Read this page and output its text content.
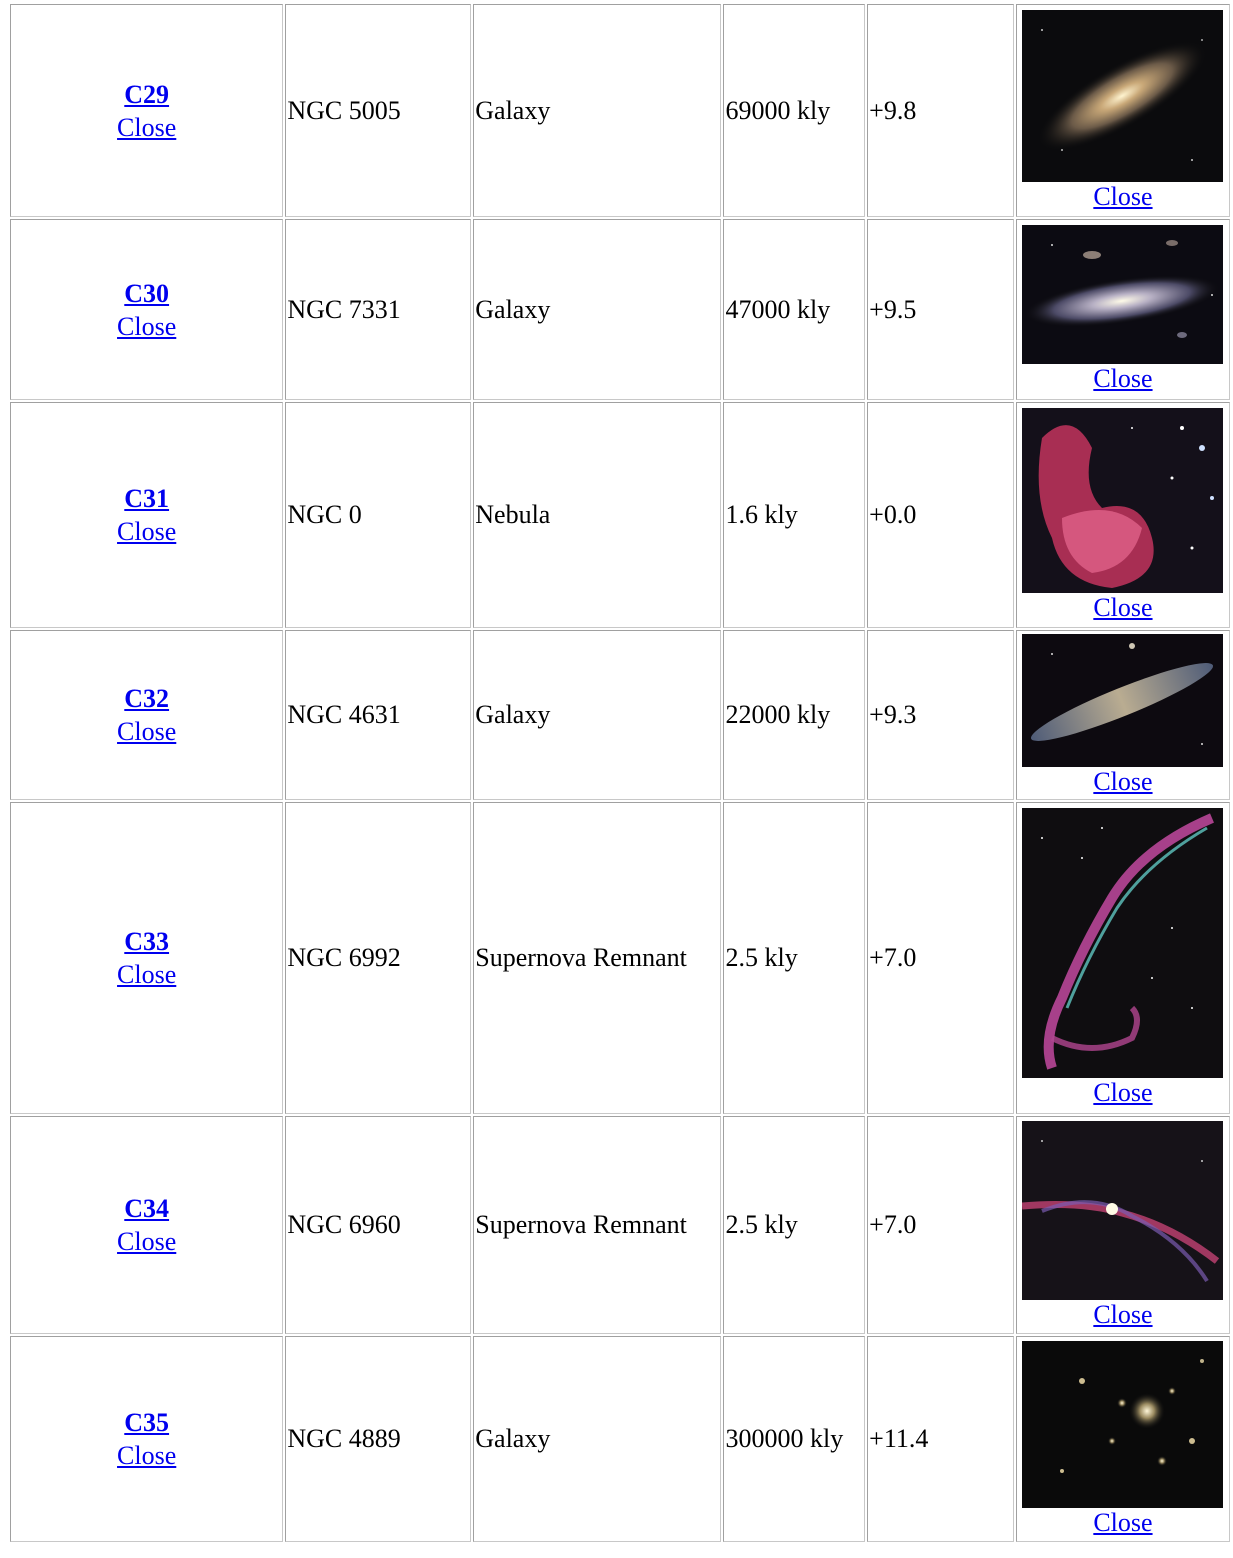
C29
Close	NGC 5005	Galaxy	69000 kly	+9.8	Close

C30
Close	NGC 7331	Galaxy	47000 kly	+9.5	Close

C31
Close	NGC 0	Nebula	1.6 kly	+0.0	Close

C32
Close	NGC 4631	Galaxy	22000 kly	+9.3	Close

C33
Close	NGC 6992	Supernova Remnant	2.5 kly	+7.0	Close

C34
Close	NGC 6960	Supernova Remnant	2.5 kly	+7.0	Close

C35
Close	NGC 4889	Galaxy	300000 kly	+11.4	Close
